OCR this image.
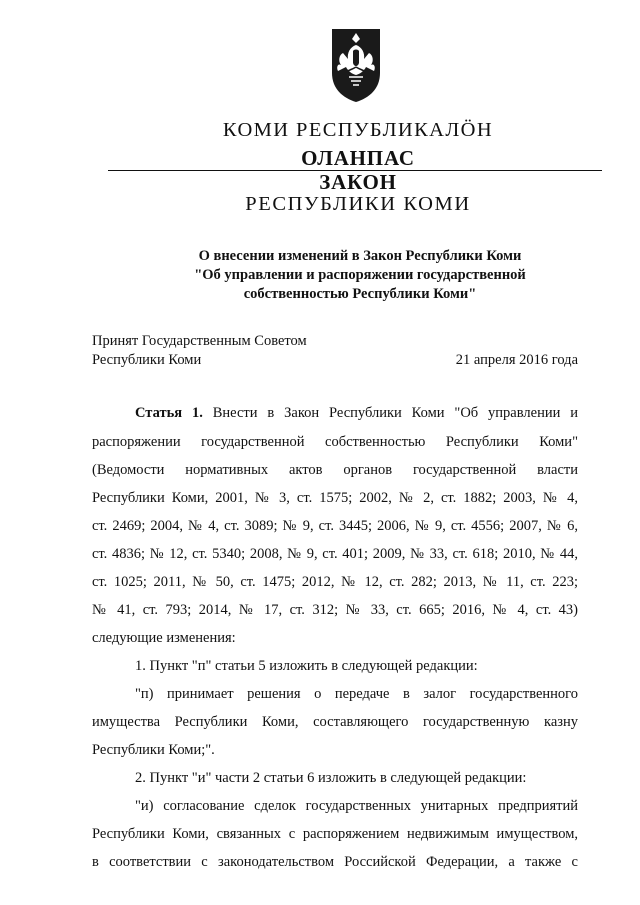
КОМИ РЕСПУБЛИКАЛӦН
ОЛАНПАС
ЗАКОН
РЕСПУБЛИКИ КОМИ
О внесении изменений в Закон Республики Коми
"Об управлении и распоряжении государственной
собственностью Республики Коми"
Принят Государственным Советом
Республики Коми	21 апреля 2016 года
Статья 1. Внести в Закон Республики Коми "Об управлении и
распоряжении государственной собственностью Республики Коми"
(Ведомости нормативных актов органов государственной власти
Республики Коми, 2001, № 3, ст. 1575; 2002, № 2, ст. 1882; 2003, № 4,
ст. 2469; 2004, № 4, ст. 3089; № 9, ст. 3445; 2006, № 9, ст. 4556; 2007, № 6,
ст. 4836; № 12, ст. 5340; 2008, № 9, ст. 401; 2009, № 33, ст. 618; 2010, № 44,
ст. 1025; 2011, № 50, ст. 1475; 2012, № 12, ст. 282; 2013, № 11, ст. 223;
№ 41, ст. 793; 2014, № 17, ст. 312; № 33, ст. 665; 2016, № 4, ст. 43)
следующие изменения:
1. Пункт "п" статьи 5 изложить в следующей редакции:
"п) принимает решения о передаче в залог государственного
имущества Республики Коми, составляющего государственную казну
Республики Коми;".
2. Пункт "и" части 2 статьи 6 изложить в следующей редакции:
"и) согласование сделок государственных унитарных предприятий
Республики Коми, связанных с распоряжением недвижимым имуществом,
в соответствии с законодательством Российской Федерации, а также с
